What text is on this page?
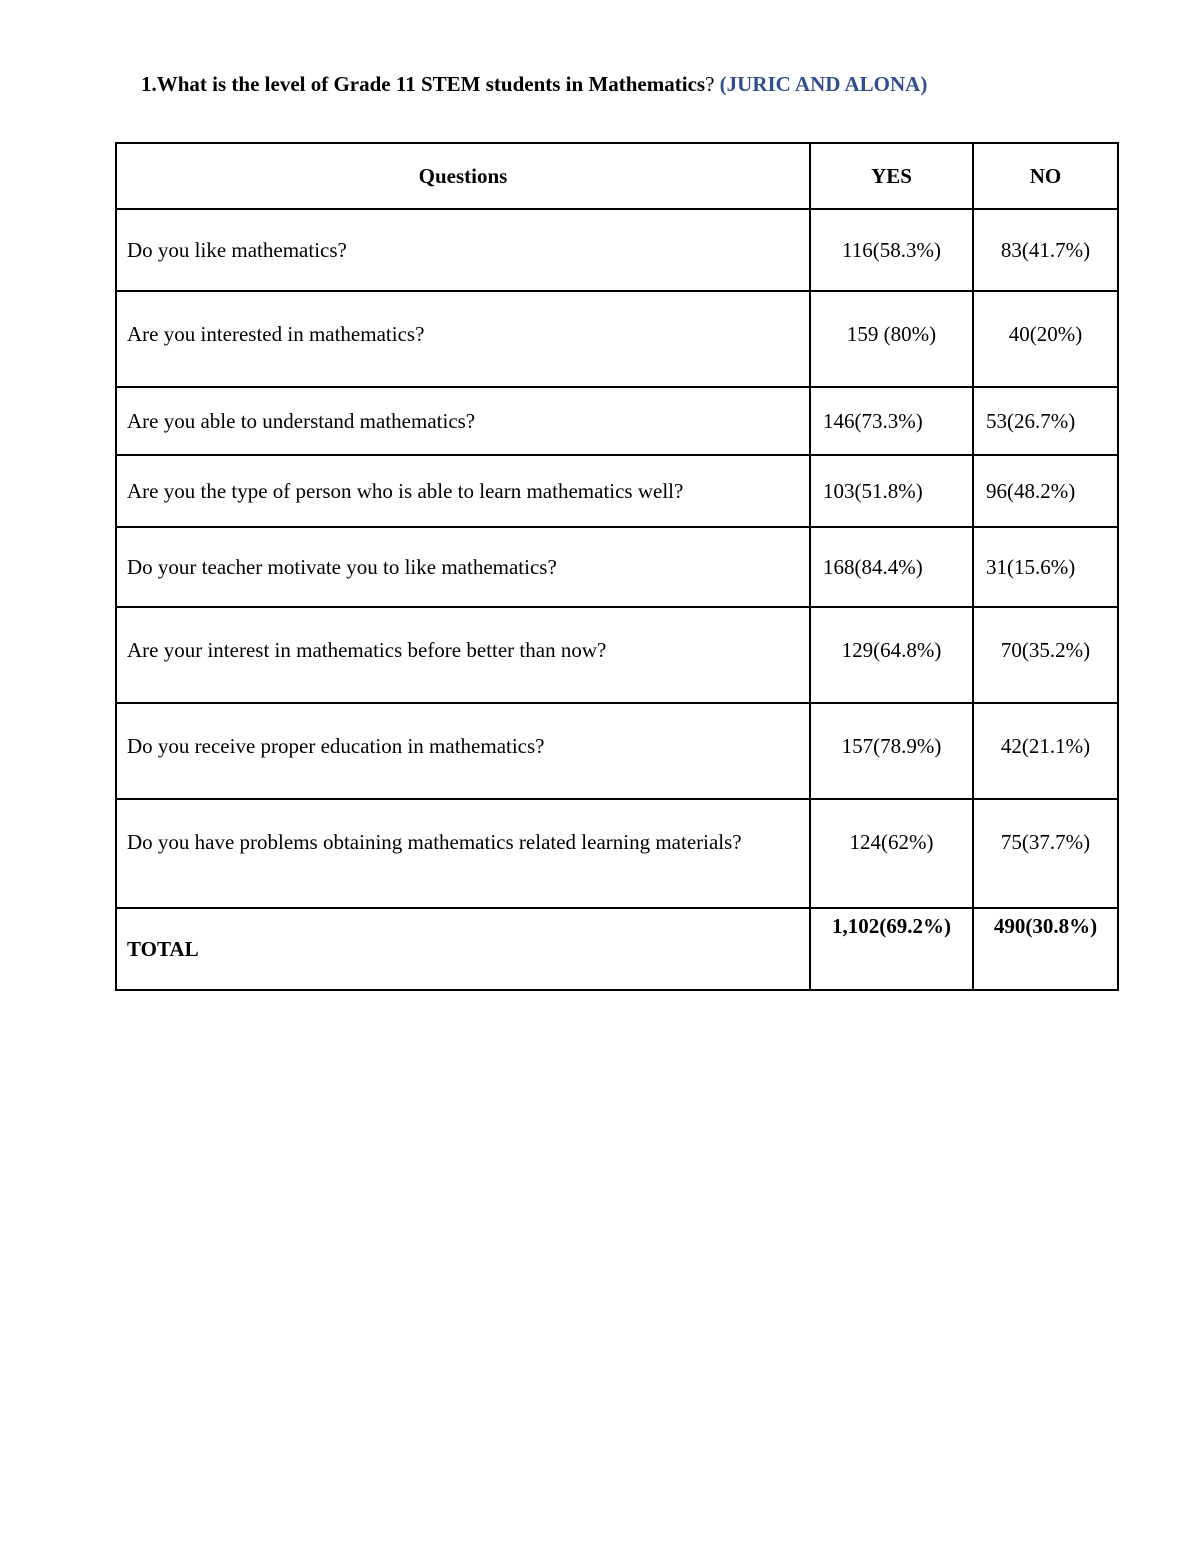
1.What is the level of Grade 11 STEM students in Mathematics? (JURIC AND ALONA)
Questions	YES	NO
Do you like mathematics?	116(58.3%)	83(41.7%)
Are you interested in mathematics?	159 (80%)	40(20%)
Are you able to understand mathematics?	146(73.3%)	53(26.7%)
Are you the type of person who is able to learn mathematics well?	103(51.8%)	96(48.2%)
Do your teacher motivate you to like mathematics?	168(84.4%)	31(15.6%)
Are your interest in mathematics before better than now?	129(64.8%)	70(35.2%)
Do you receive proper education in mathematics?	157(78.9%)	42(21.1%)
Do you have problems obtaining mathematics related learning materials?	124(62%)	75(37.7%)
TOTAL	1,102(69.2%)	490(30.8%)
